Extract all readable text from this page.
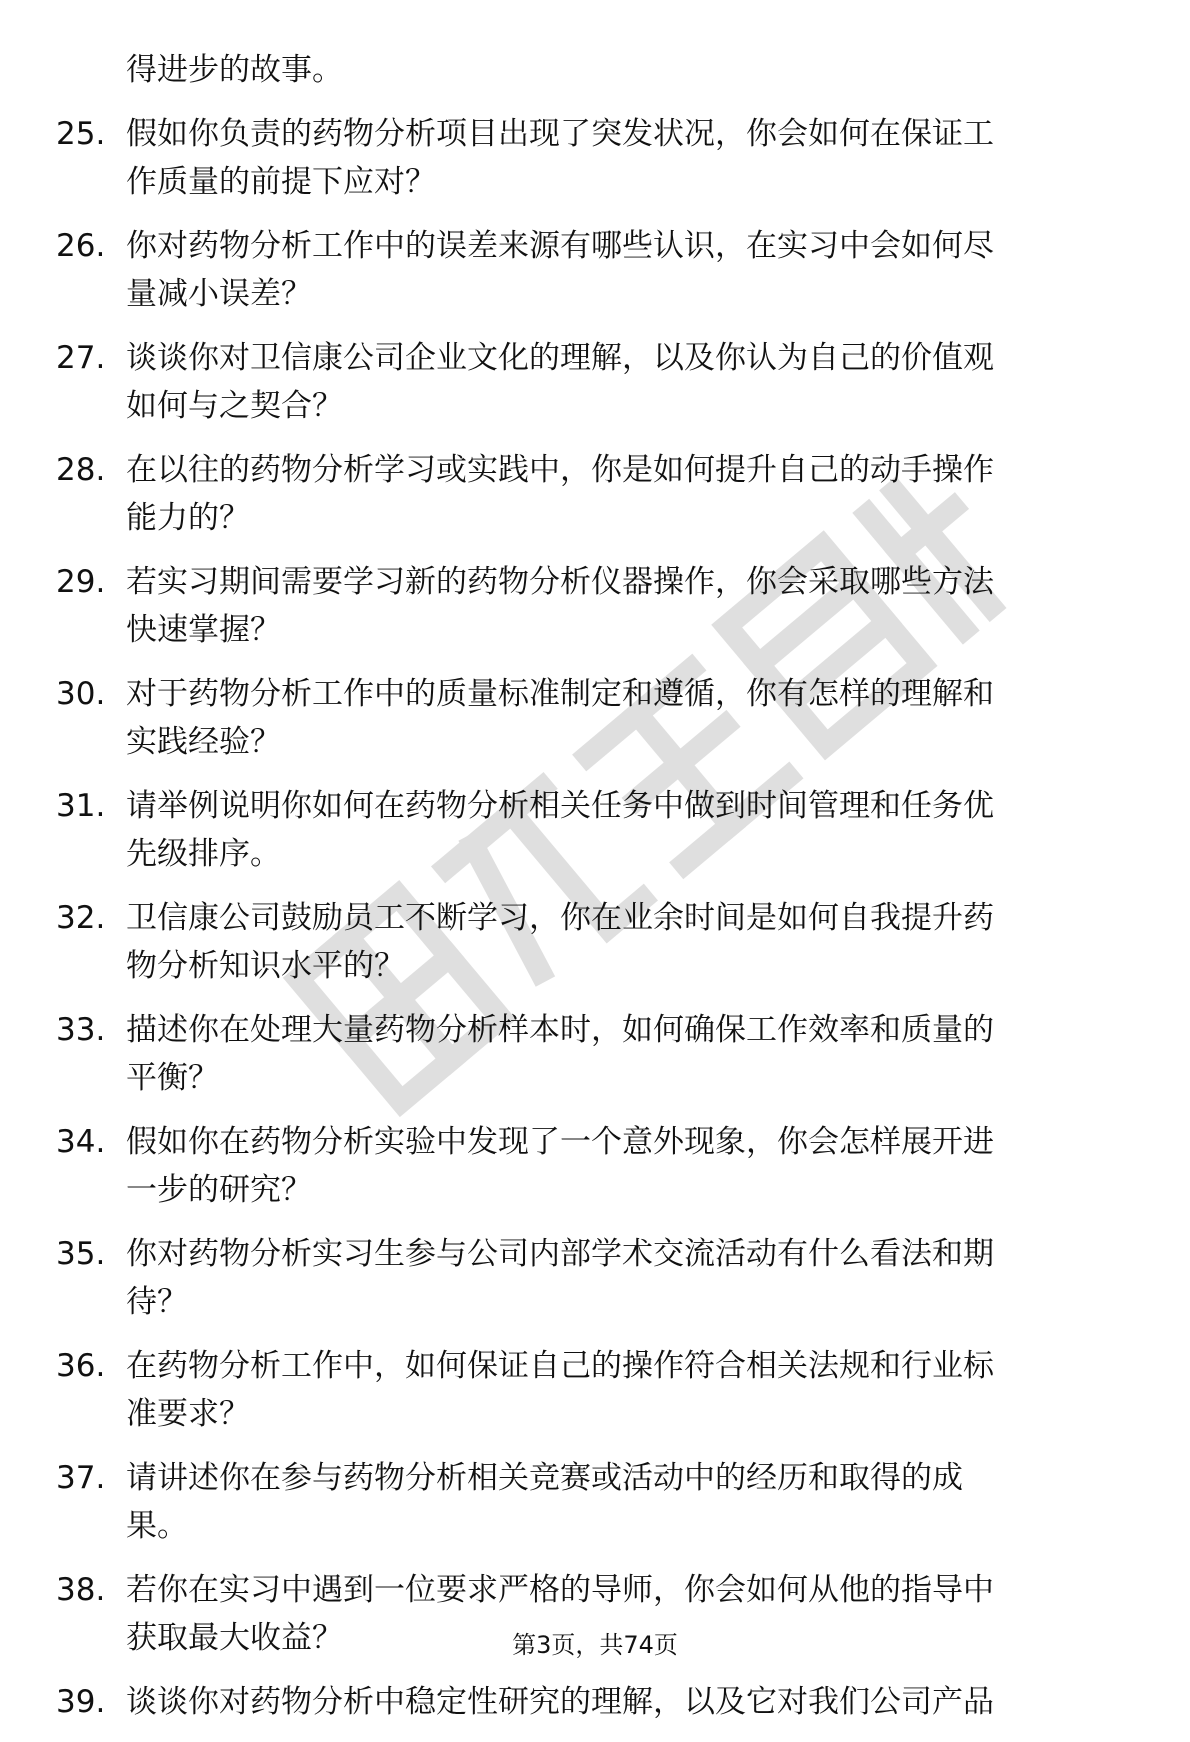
得进步的故事。
25. 假如你负责的药物分析项目出现了突发状况，你会如何在保证工
作质量的前提下应对？
26. 你对药物分析工作中的误差来源有哪些认识，在实习中会如何尽
量减小误差？
27. 谈谈你对卫信康公司企业文化的理解，以及你认为自己的价值观
如何与之契合？
28. 在以往的药物分析学习或实践中，你是如何提升自己的动手操作
能力的？
29. 若实习期间需要学习新的药物分析仪器操作，你会采取哪些方法
快速掌握？
30. 对于药物分析工作中的质量标准制定和遵循，你有怎样的理解和
实践经验？
31. 请举例说明你如何在药物分析相关任务中做到时间管理和任务优
先级排序。
32. 卫信康公司鼓励员工不断学习，你在业余时间是如何自我提升药
物分析知识水平的？
33. 描述你在处理大量药物分析样本时，如何确保工作效率和质量的
平衡？
34. 假如你在药物分析实验中发现了一个意外现象，你会怎样展开进
一步的研究？
35. 你对药物分析实习生参与公司内部学术交流活动有什么看法和期
待？
36. 在药物分析工作中，如何保证自己的操作符合相关法规和行业标
准要求？
37. 请讲述你在参与药物分析相关竞赛或活动中的经历和取得的成
果。
38. 若你在实习中遇到一位要求严格的导师，你会如何从他的指导中
获取最大收益？
39. 谈谈你对药物分析中稳定性研究的理解，以及它对我们公司产品
第3页，共74页
